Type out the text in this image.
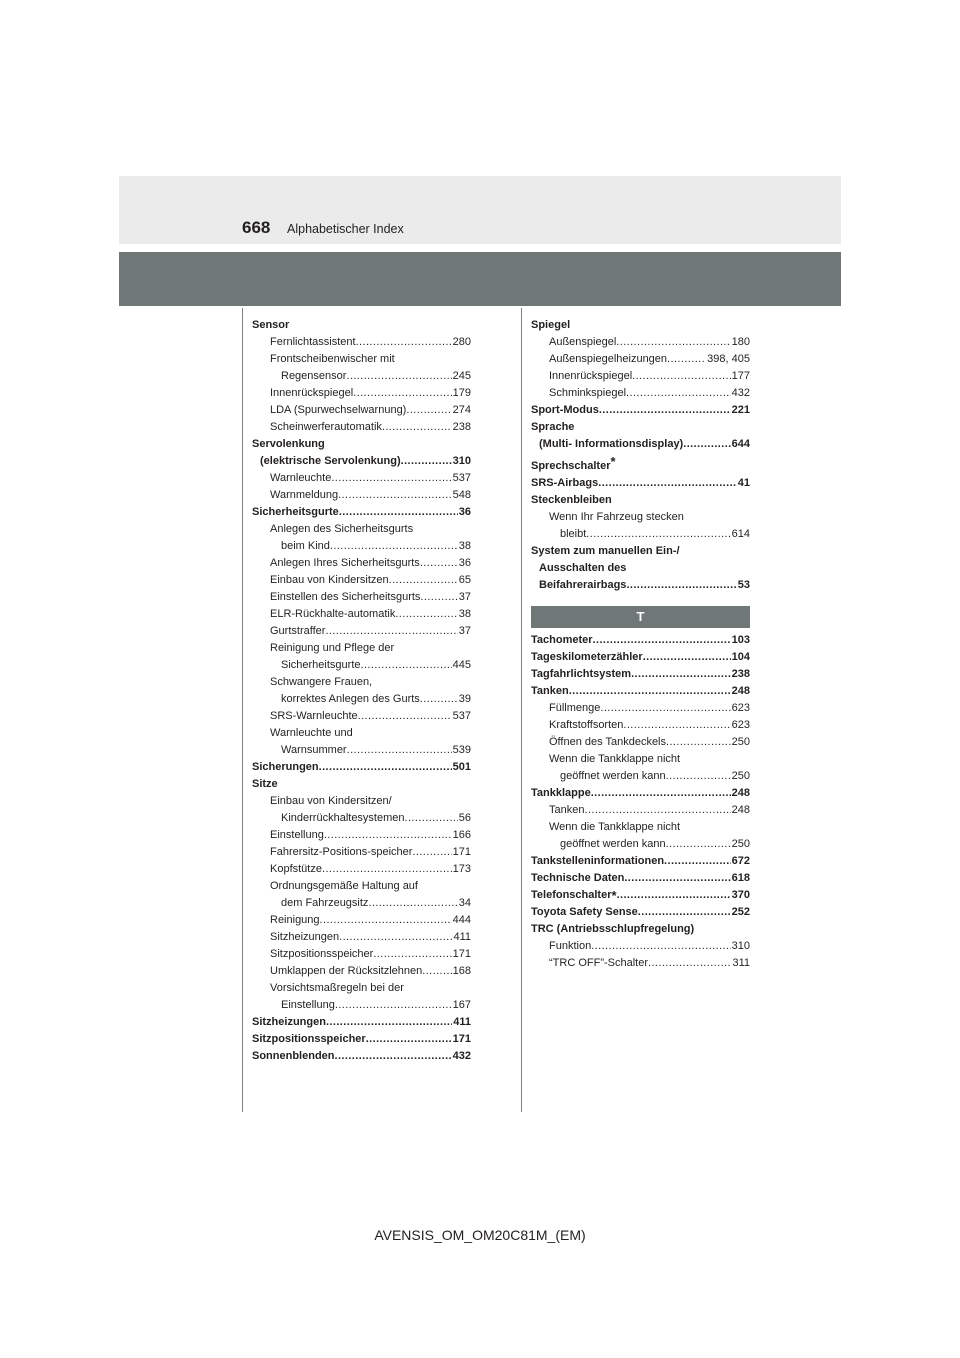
668 Alphabetischer Index
Sensor
Fernlichtassistent .....	280
Frontscheibenwischer mit
Regensensor .....	245
Innenrückspiegel .....	179
LDA (Spurwechselwarnung) .....	274
Scheinwerferautomatik .....	238
Servolenkung
(elektrische Servolenkung) .....	310
Warnleuchte .....	537
Warnmeldung .....	548
Sicherheitsgurte .....	36
Anlegen des Sicherheitsgurts
beim Kind .....	38
Anlegen Ihres Sicherheitsgurts .....	36
Einbau von Kindersitzen .....	65
Einstellen des Sicherheitsgurts .....	37
ELR-Rückhalte-automatik .....	38
Gurtstraffer .....	37
Reinigung und Pflege der
Sicherheitsgurte .....	445
Schwangere Frauen,
korrektes Anlegen des Gurts .....	39
SRS-Warnleuchte .....	537
Warnleuchte und
Warnsummer .....	539
Sicherungen .....	501
Sitze
Einbau von Kindersitzen/
Kinderrückhaltesystemen .....	56
Einstellung .....	166
Fahrersitz-Positions-speicher .....	171
Kopfstütze .....	173
Ordnungsgemäße Haltung auf
dem Fahrzeugsitz .....	34
Reinigung .....	444
Sitzheizungen .....	411
Sitzpositionsspeicher .....	171
Umklappen der Rücksitzlehnen .....	168
Vorsichtsmaßregeln bei der
Einstellung .....	167
Sitzheizungen .....	411
Sitzpositionsspeicher .....	171
Sonnenblenden .....	432
Spiegel
Außenspiegel .....	180
Außenspiegelheizungen .....	398, 405
Innenrückspiegel .....	177
Schminkspiegel .....	432
Sport-Modus .....	221
Sprache
(Multi- Informationsdisplay) .....	644
Sprechschalter*
SRS-Airbags .....	41
Steckenbleiben
Wenn Ihr Fahrzeug stecken
bleibt .....	614
System zum manuellen Ein-/
Ausschalten des
Beifahrerairbags .....	53
T
Tachometer .....	103
Tageskilometerzähler .....	104
Tagfahrlichtsystem .....	238
Tanken .....	248
Füllmenge .....	623
Kraftstoffsorten .....	623
Öffnen des Tankdeckels .....	250
Wenn die Tankklappe nicht
geöffnet werden kann .....	250
Tankklappe .....	248
Tanken .....	248
Wenn die Tankklappe nicht
geöffnet werden kann .....	250
Tankstelleninformationen .....	672
Technische Daten .....	618
Telefonschalter * .....	370
Toyota Safety Sense .....	252
TRC (Antriebsschlupfregelung)
Funktion .....	310
“TRC OFF”-Schalter .....	311
AVENSIS_OM_OM20C81M_(EM)
